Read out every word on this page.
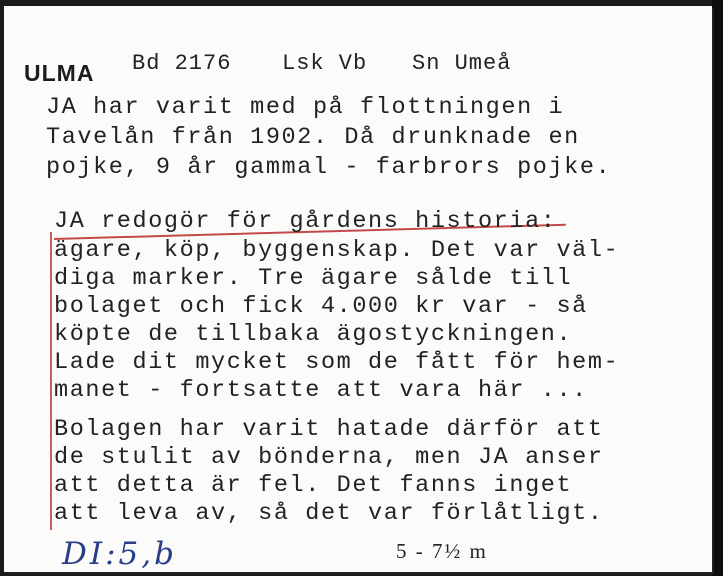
ULMA Bd 2176 Lsk Vb Sn Umeå
JA har varit med på flottningen i
Tavelån från 1902. Då drunknade en
pojke, 9 år gammal - farbrors pojke.
JA redogör för gårdens historia:
ägare, köp, byggenskap. Det var väl-
diga marker. Tre ägare sålde till
bolaget och fick 4.000 kr var - så
köpte de tillbaka ägostyckningen.
Lade dit mycket som de fått för hem-
manet - fortsatte att vara här ...
Bolagen har varit hatade därför att
de stulit av bönderna, men JA anser
att detta är fel. Det fanns inget
att leva av, så det var förlåtligt.
DI:5,b	5 - 7½ m
